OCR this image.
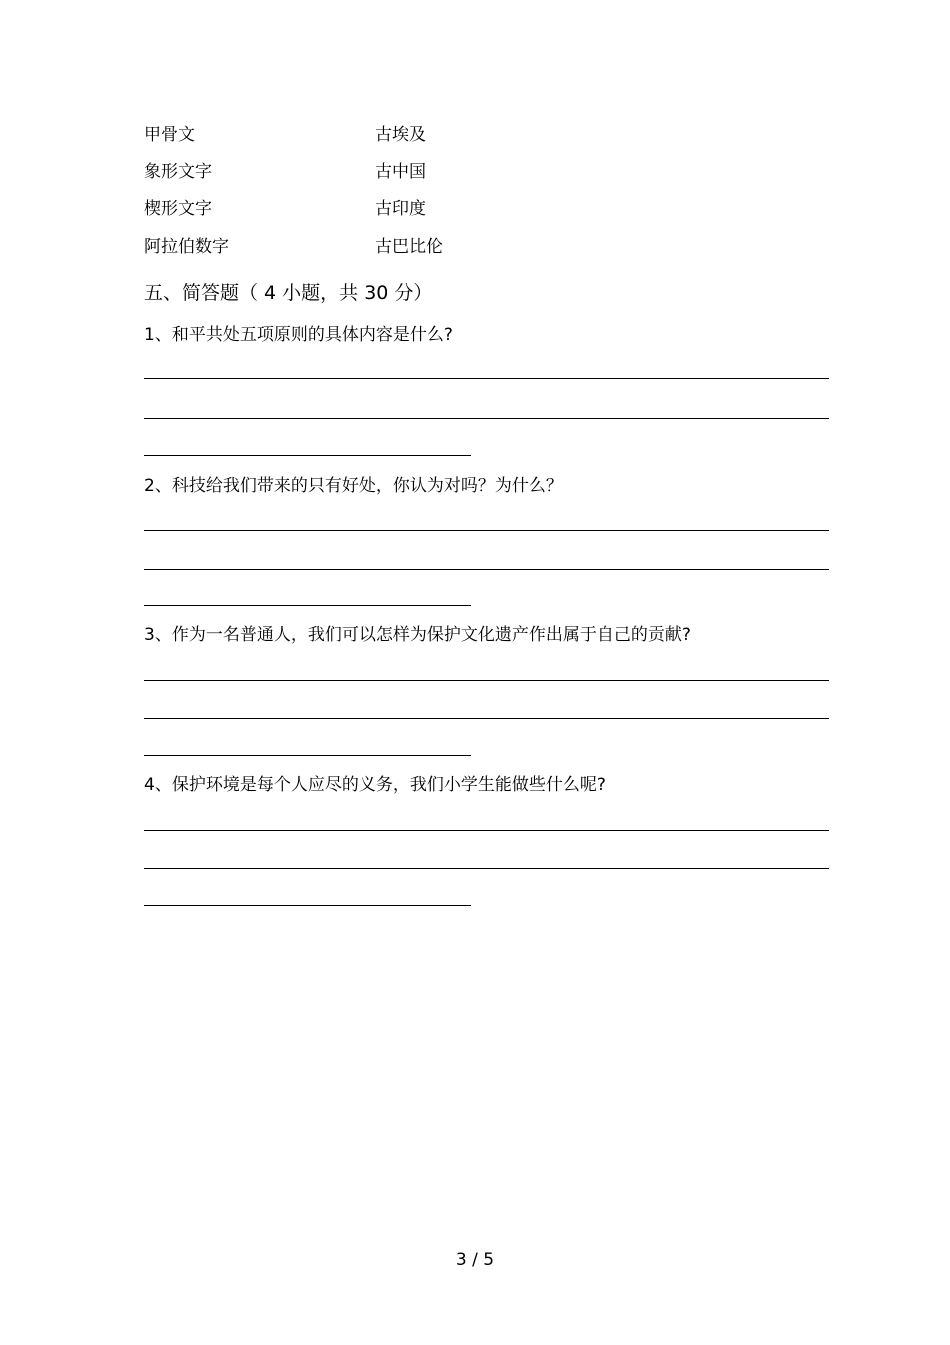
甲骨文	古埃及
象形文字	古中国
楔形文字	古印度
阿拉伯数字	古巴比伦
五、简答题（ 4 小题，共 30 分）
1、和平共处五项原则的具体内容是什么?
2、科技给我们带来的只有好处，你认为对吗？为什么？
3、作为一名普通人，我们可以怎样为保护文化遗产作出属于自己的贡献?
4、保护环境是每个人应尽的义务，我们小学生能做些什么呢?
3 / 5
